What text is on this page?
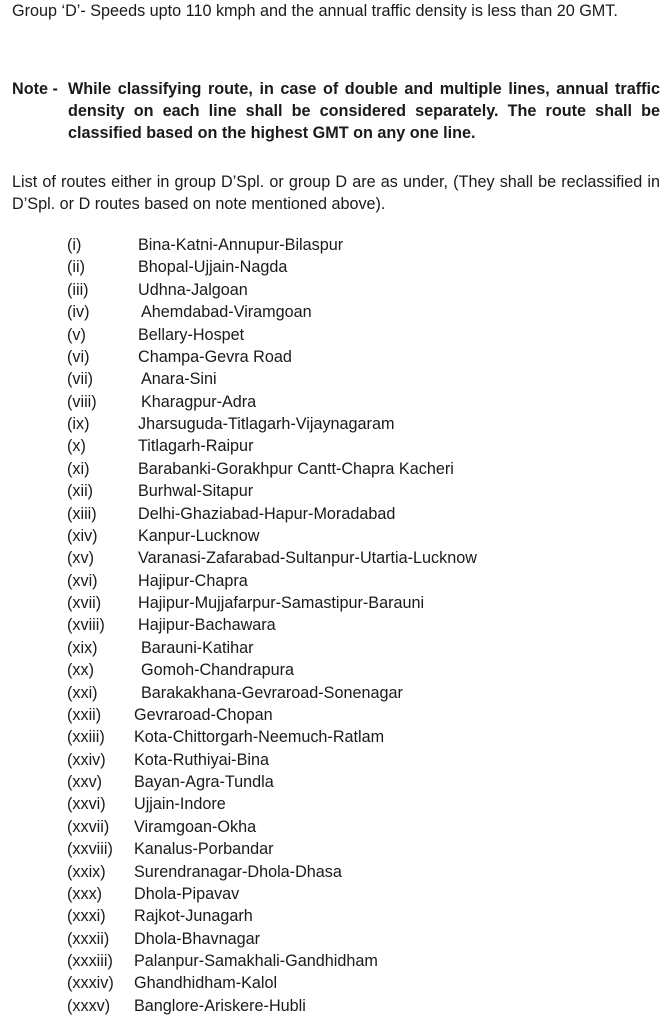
Group ‘D’- Speeds upto 110 kmph and the annual traffic density is less than 20 GMT.

Note - While classifying route, in case of double and multiple lines, annual traffic density on each line shall be considered separately. The route shall be classified based on the highest GMT on any one line.

List of routes either in group D’Spl. or group D are as under, (They shall be reclassified in D’Spl. or D routes based on note mentioned above).

(i)	Bina-Katni-Annupur-Bilaspur
(ii)	Bhopal-Ujjain-Nagda
(iii)	Udhna-Jalgoan
(iv)	Ahemdabad-Viramgoan
(v)	Bellary-Hospet
(vi)	Champa-Gevra Road
(vii)	Anara-Sini
(viii)	Kharagpur-Adra
(ix)	Jharsuguda-Titlagarh-Vijaynagaram
(x)	Titlagarh-Raipur
(xi)	Barabanki-Gorakhpur Cantt-Chapra Kacheri
(xii)	Burhwal-Sitapur
(xiii)	Delhi-Ghaziabad-Hapur-Moradabad
(xiv) Kanpur-Lucknow
(xv)	Varanasi-Zafarabad-Sultanpur-Utartia-Lucknow
(xvi) Hajipur-Chapra
(xvii) Hajipur-Mujjafarpur-Samastipur-Barauni
(xviii) Hajipur-Bachawara
(xix)	Barauni-Katihar
(xx)	Gomoh-Chandrapura
(xxi)	Barakakhana-Gevraroad-Sonenagar
(xxii) Gevraroad-Chopan
(xxiii) Kota-Chittorgarh-Neemuch-Ratlam
(xxiv) Kota-Ruthiyai-Bina
(xxv) Bayan-Agra-Tundla
(xxvi) Ujjain-Indore
(xxvii) Viramgoan-Okha
(xxviii) Kanalus-Porbandar
(xxix) Surendranagar-Dhola-Dhasa
(xxx) Dhola-Pipavav
(xxxi) Rajkot-Junagarh
(xxxii) Dhola-Bhavnagar
(xxxiii) Palanpur-Samakhali-Gandhidham
(xxxiv) Ghandhidham-Kalol
(xxxv) Banglore-Ariskere-Hubli
